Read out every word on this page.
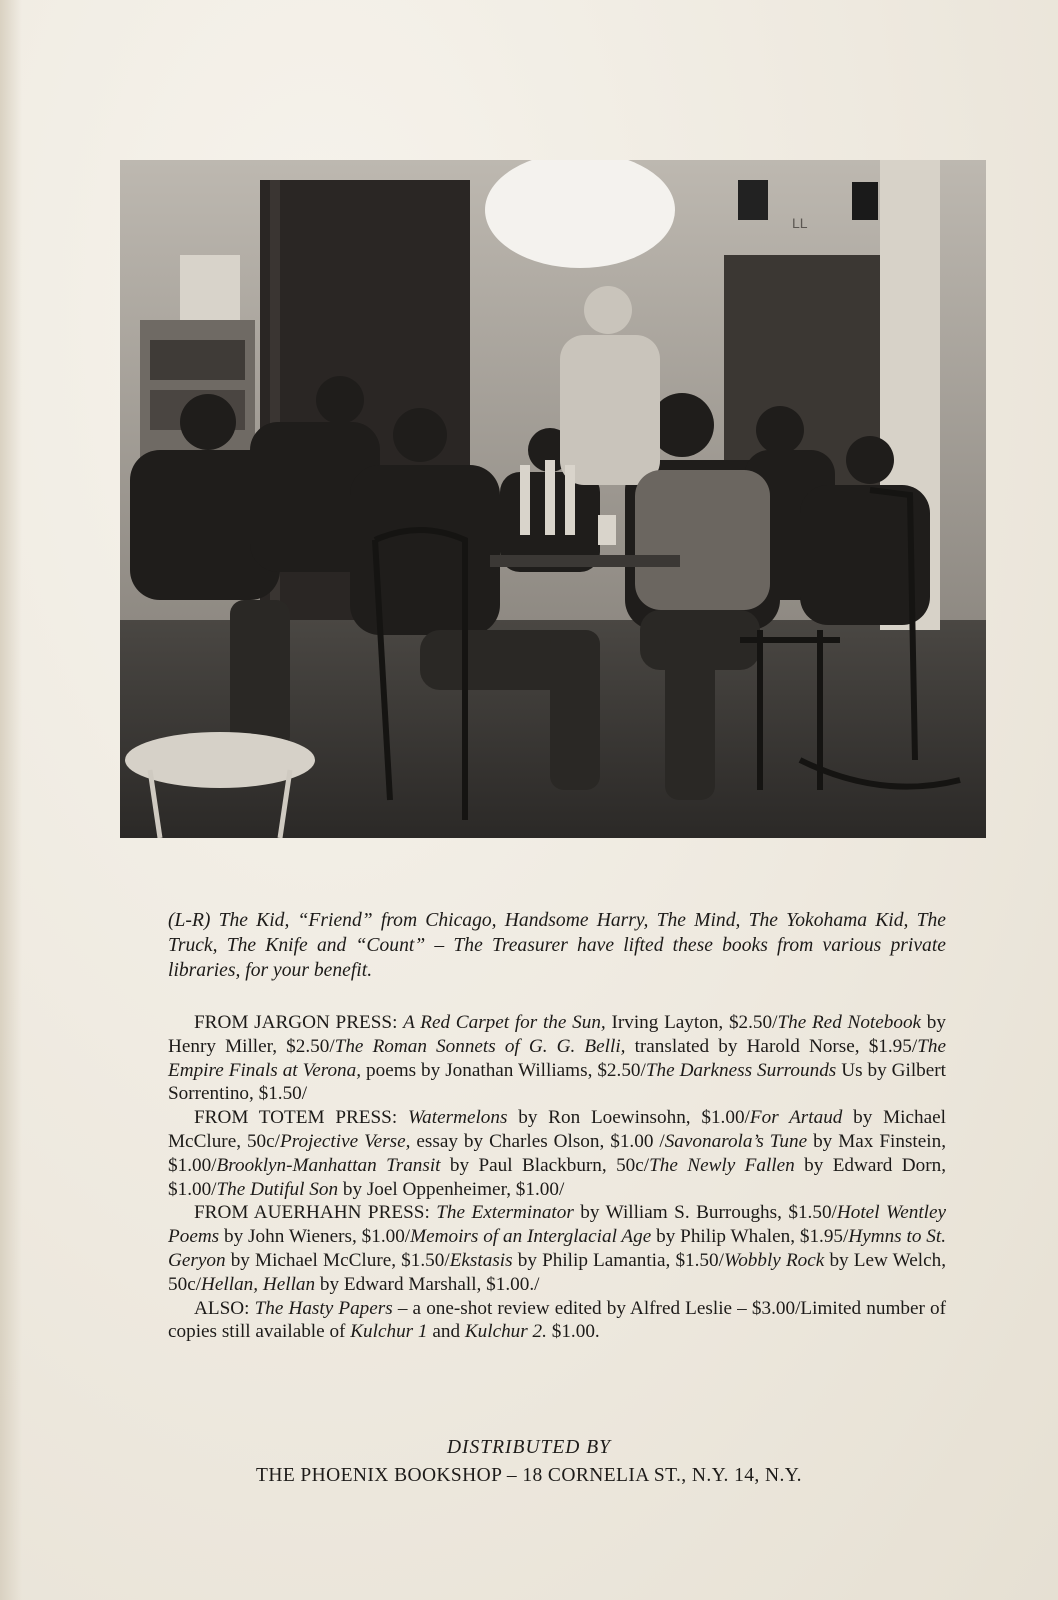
LL
(L-R) The Kid, “Friend” from Chicago, Handsome Harry, The Mind, The Yokohama Kid, The Truck, The Knife and “Count” – The Treasurer have lifted these books from various private libraries, for your benefit.

FROM JARGON PRESS: A Red Carpet for the Sun, Irving Layton, $2.50/The Red Notebook by Henry Miller, $2.50/The Roman Sonnets of G. G. Belli, translated by Harold Norse, $1.95/The Empire Finals at Verona, poems by Jonathan Williams, $2.50/The Darkness Surrounds Us by Gilbert Sorrentino, $1.50/

FROM TOTEM PRESS: Watermelons by Ron Loewinsohn, $1.00/For Artaud by Michael McClure, 50c/Projective Verse, essay by Charles Olson, $1.00 /Savonarola’s Tune by Max Finstein, $1.00/Brooklyn-Manhattan Transit by Paul Blackburn, 50c/The Newly Fallen by Edward Dorn, $1.00/The Dutiful Son by Joel Oppenheimer, $1.00/

FROM AUERHAHN PRESS: The Exterminator by William S. Burroughs, $1.50/Hotel Wentley Poems by John Wieners, $1.00/Memoirs of an Interglacial Age by Philip Whalen, $1.95/Hymns to St. Geryon by Michael McClure, $1.50/Ekstasis by Philip Lamantia, $1.50/Wobbly Rock by Lew Welch, 50c/Hellan, Hellan by Edward Marshall, $1.00./

ALSO: The Hasty Papers – a one-shot review edited by Alfred Leslie – $3.00/Limited number of copies still available of Kulchur 1 and Kulchur 2. $1.00.

DISTRIBUTED BY
THE PHOENIX BOOKSHOP – 18 CORNELIA ST., N.Y. 14, N.Y.
